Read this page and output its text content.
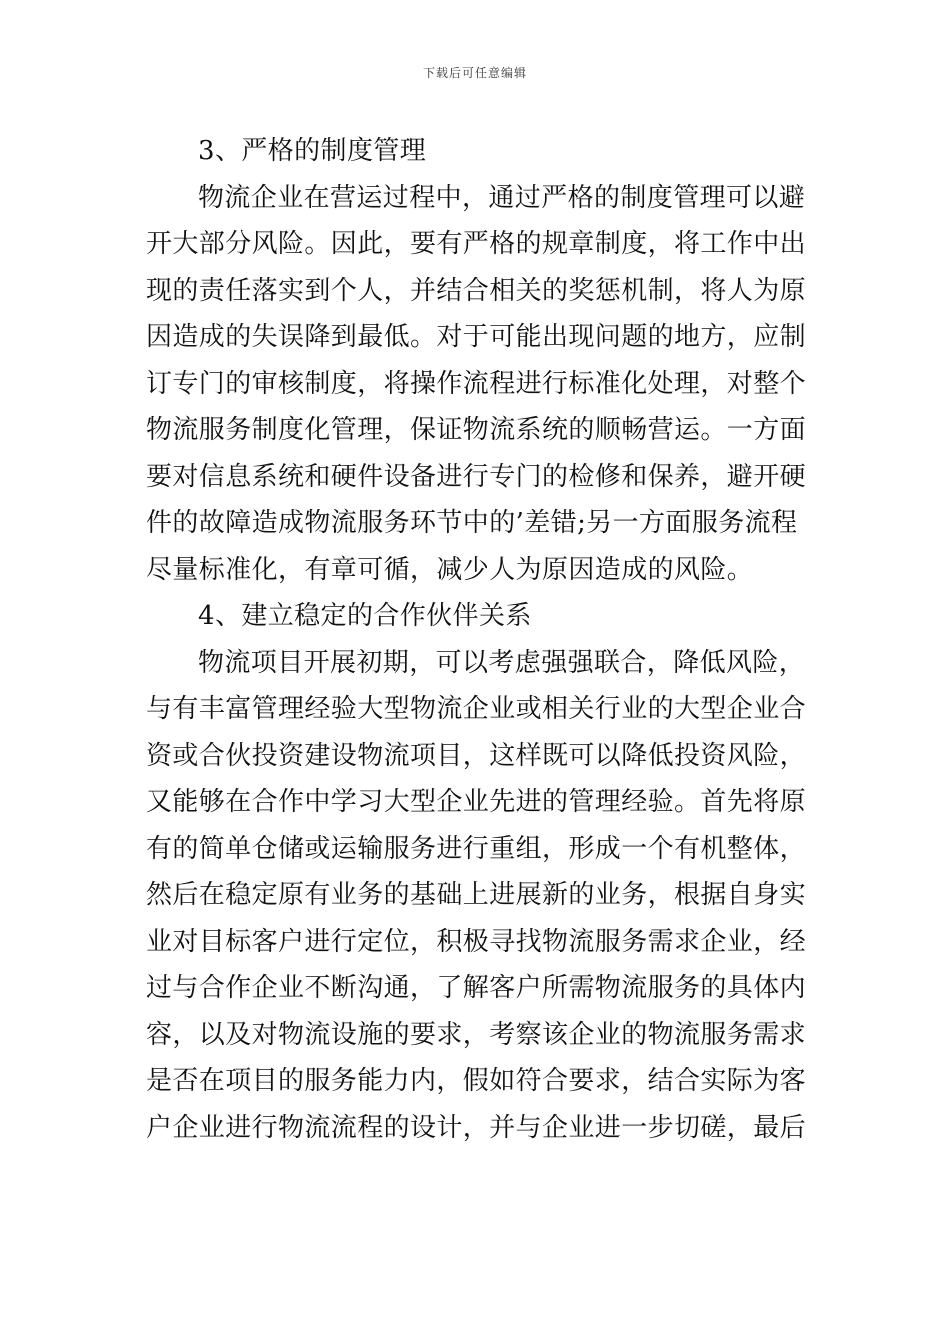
下载后可任意编辑
3、严格的制度管理
物流企业在营运过程中，通过严格的制度管理可以避
开大部分风险。因此，要有严格的规章制度，将工作中出
现的责任落实到个人，并结合相关的奖惩机制，将人为原
因造成的失误降到最低。对于可能出现问题的地方，应制
订专门的审核制度，将操作流程进行标准化处理，对整个
物流服务制度化管理，保证物流系统的顺畅营运。一方面
要对信息系统和硬件设备进行专门的检修和保养，避开硬
件的故障造成物流服务环节中的’差错;另一方面服务流程
尽量标准化，有章可循，减少人为原因造成的风险。
4、建立稳定的合作伙伴关系
物流项目开展初期，可以考虑强强联合，降低风险，
与有丰富管理经验大型物流企业或相关行业的大型企业合
资或合伙投资建设物流项目，这样既可以降低投资风险，
又能够在合作中学习大型企业先进的管理经验。首先将原
有的简单仓储或运输服务进行重组，形成一个有机整体，
然后在稳定原有业务的基础上进展新的业务，根据自身实
业对目标客户进行定位，积极寻找物流服务需求企业，经
过与合作企业不断沟通，了解客户所需物流服务的具体内
容，以及对物流设施的要求，考察该企业的物流服务需求
是否在项目的服务能力内，假如符合要求，结合实际为客
户企业进行物流流程的设计，并与企业进一步切磋，最后
